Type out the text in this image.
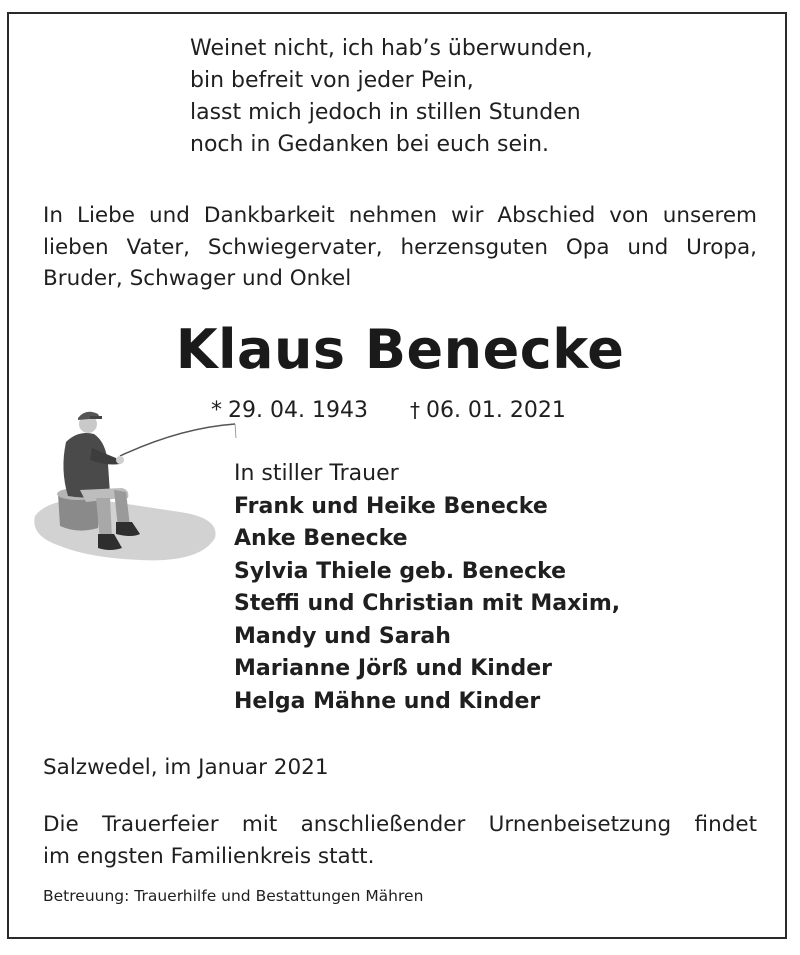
Weinet nicht, ich hab’s überwunden,
bin befreit von jeder Pein,
lasst mich jedoch in stillen Stunden
noch in Gedanken bei euch sein.
In Liebe und Dankbarkeit nehmen wir Abschied von unserem
lieben Vater, Schwiegervater, herzensguten Opa und Uropa,
Bruder, Schwager und Onkel
Klaus Benecke
* 29. 04. 1943 † 06. 01. 2021
In stiller Trauer
Frank und Heike Benecke
Anke Benecke
Sylvia Thiele geb. Benecke
Steffi und Christian mit Maxim,
Mandy und Sarah
Marianne Jörß und Kinder
Helga Mähne und Kinder
Salzwedel, im Januar 2021
Die Trauerfeier mit anschließender Urnenbeisetzung findet
im engsten Familienkreis statt.
Betreuung: Trauerhilfe und Bestattungen Mähren
